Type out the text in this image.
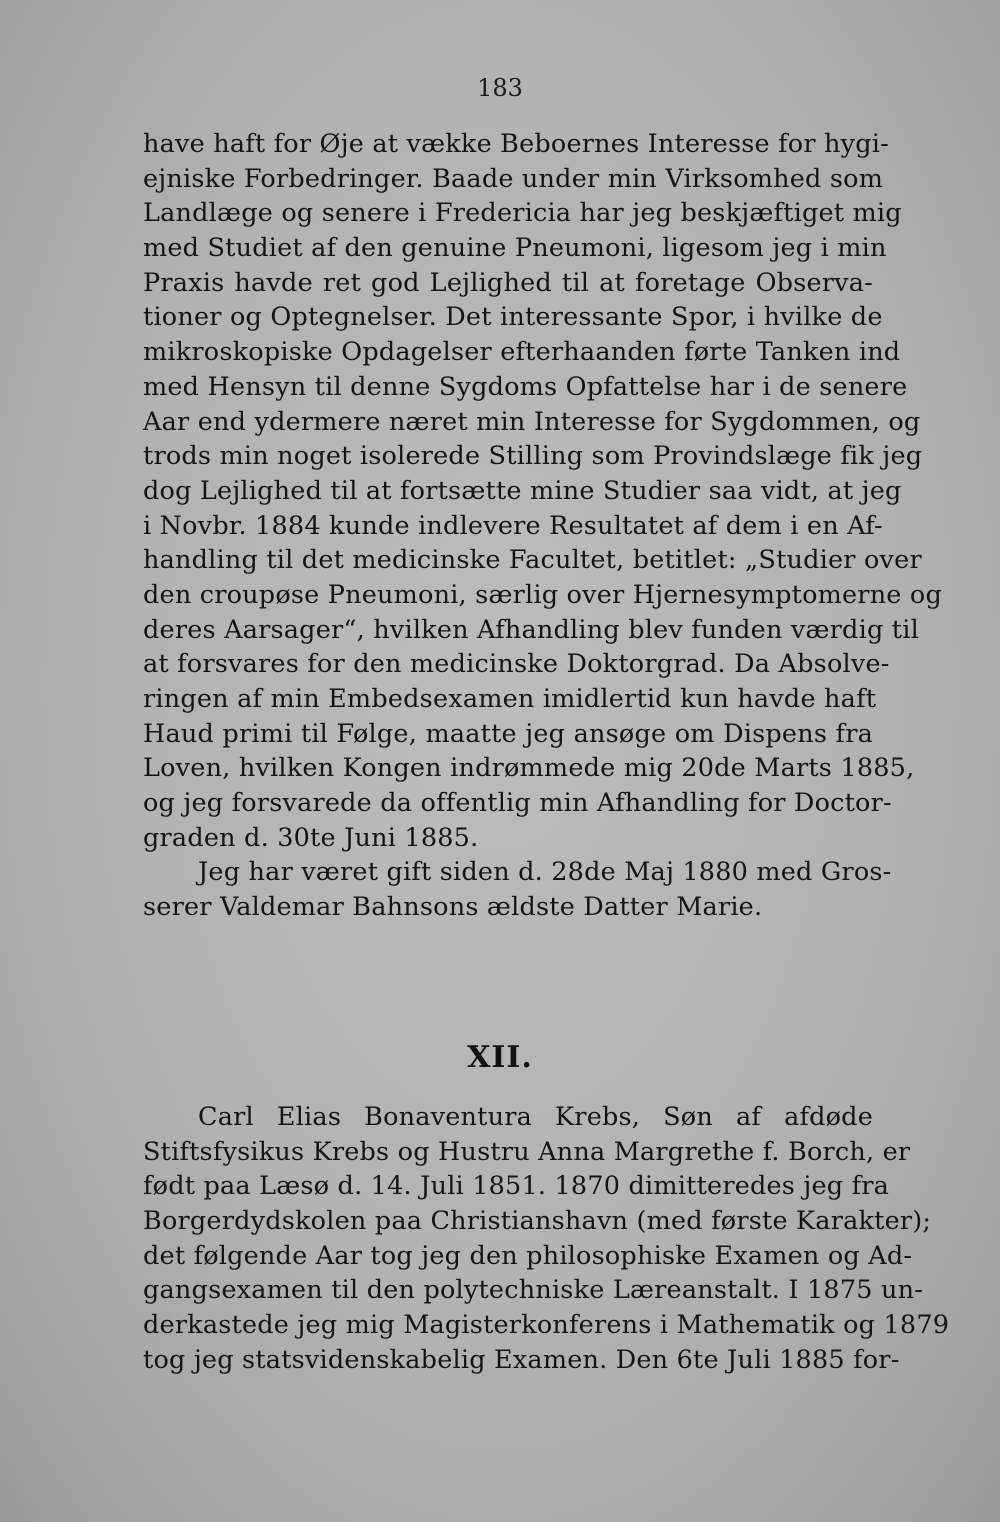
183
have haft for Øje at vække Beboernes Interesse for hygi-
ejniske Forbedringer. Baade under min Virksomhed som
Landlæge og senere i Fredericia har jeg beskjæftiget mig
med Studiet af den genuine Pneumoni, ligesom jeg i min
Praxis havde ret god Lejlighed til at foretage Observa-
tioner og Optegnelser. Det interessante Spor, i hvilke de
mikroskopiske Opdagelser efterhaanden førte Tanken ind
med Hensyn til denne Sygdoms Opfattelse har i de senere
Aar end ydermere næret min Interesse for Sygdommen, og
trods min noget isolerede Stilling som Provindslæge fik jeg
dog Lejlighed til at fortsætte mine Studier saa vidt, at jeg
i Novbr. 1884 kunde indlevere Resultatet af dem i en Af-
handling til det medicinske Facultet, betitlet: „Studier over
den croupøse Pneumoni, særlig over Hjernesymptomerne og
deres Aarsager“, hvilken Afhandling blev funden værdig til
at forsvares for den medicinske Doktorgrad. Da Absolve-
ringen af min Embedsexamen imidlertid kun havde haft
Haud primi til Følge, maatte jeg ansøge om Dispens fra
Loven, hvilken Kongen indrømmede mig 20de Marts 1885,
og jeg forsvarede da offentlig min Afhandling for Doctor-
graden d. 30te Juni 1885.
Jeg har været gift siden d. 28de Maj 1880 med Gros-
serer Valdemar Bahnsons ældste Datter Marie.
XII.
Carl Elias Bonaventura Krebs, Søn af afdøde
Stiftsfysikus Krebs og Hustru Anna Margrethe f. Borch, er
født paa Læsø d. 14. Juli 1851. 1870 dimitteredes jeg fra
Borgerdydskolen paa Christianshavn (med første Karakter);
det følgende Aar tog jeg den philosophiske Examen og Ad-
gangsexamen til den polytechniske Læreanstalt. I 1875 un-
derkastede jeg mig Magisterkonferens i Mathematik og 1879
tog jeg statsvidenskabelig Examen. Den 6te Juli 1885 for-
